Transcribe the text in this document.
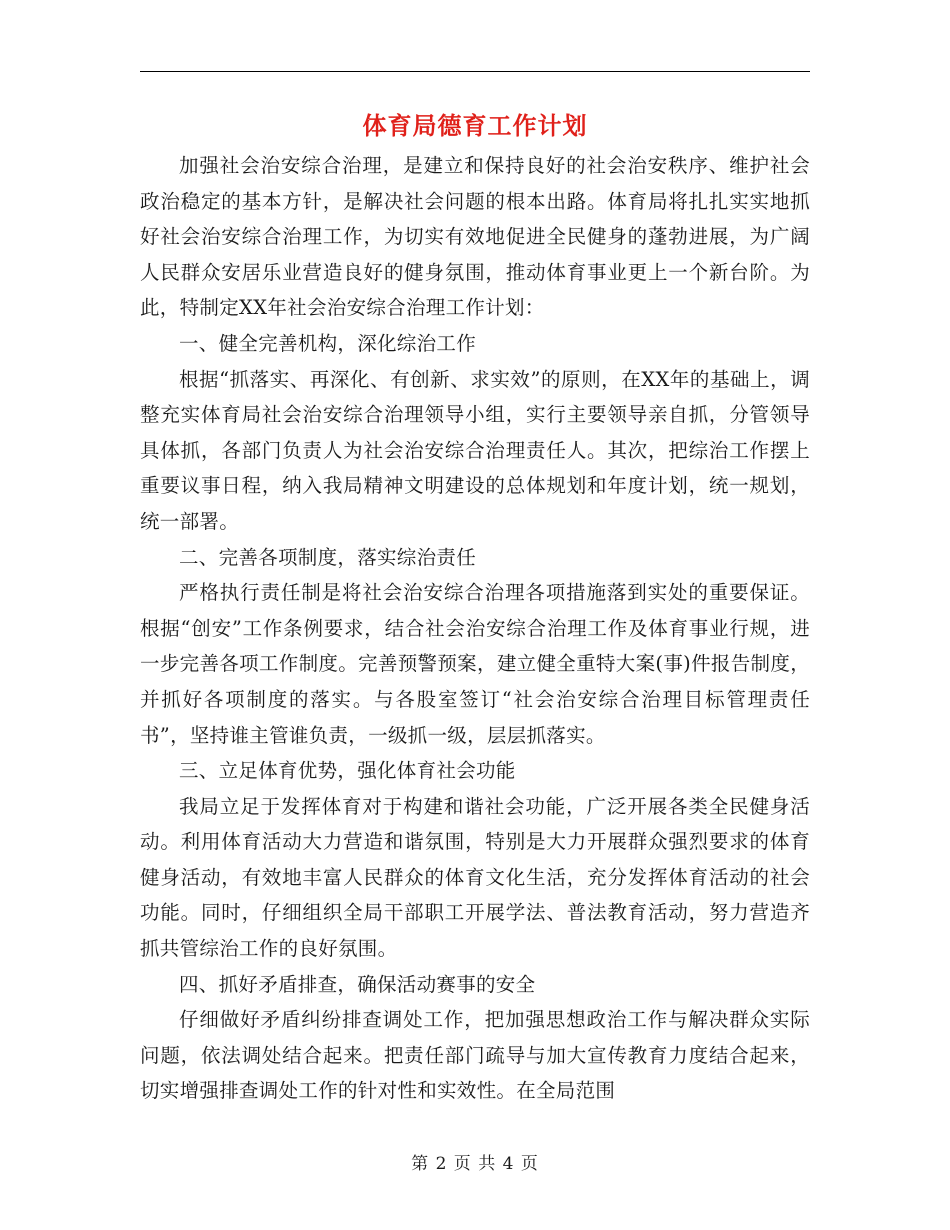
体育局德育工作计划

加强社会治安综合治理，是建立和保持良好的社会治安秩序、维护社会政治稳定的基本方针，是解决社会问题的根本出路。体育局将扎扎实实地抓好社会治安综合治理工作，为切实有效地促进全民健身的蓬勃进展，为广阔人民群众安居乐业营造良好的健身氛围，推动体育事业更上一个新台阶。为此，特制定XX年社会治安综合治理工作计划：

一、健全完善机构，深化综治工作

根据“抓落实、再深化、有创新、求实效”的原则，在XX年的基础上，调整充实体育局社会治安综合治理领导小组，实行主要领导亲自抓，分管领导具体抓，各部门负责人为社会治安综合治理责任人。其次，把综治工作摆上重要议事日程，纳入我局精神文明建设的总体规划和年度计划，统一规划，统一部署。

二、完善各项制度，落实综治责任

严格执行责任制是将社会治安综合治理各项措施落到实处的重要保证。根据“创安”工作条例要求，结合社会治安综合治理工作及体育事业行规，进一步完善各项工作制度。完善预警预案，建立健全重特大案(事)件报告制度，并抓好各项制度的落实。与各股室签订“社会治安综合治理目标管理责任书”，坚持谁主管谁负责，一级抓一级，层层抓落实。

三、立足体育优势，强化体育社会功能

我局立足于发挥体育对于构建和谐社会功能，广泛开展各类全民健身活动。利用体育活动大力营造和谐氛围，特别是大力开展群众强烈要求的体育健身活动，有效地丰富人民群众的体育文化生活，充分发挥体育活动的社会功能。同时，仔细组织全局干部职工开展学法、普法教育活动，努力营造齐抓共管综治工作的良好氛围。

四、抓好矛盾排查，确保活动赛事的安全

仔细做好矛盾纠纷排查调处工作，把加强思想政治工作与解决群众实际问题，依法调处结合起来。把责任部门疏导与加大宣传教育力度结合起来，切实增强排查调处工作的针对性和实效性。在全局范围

第 2 页 共 4 页
